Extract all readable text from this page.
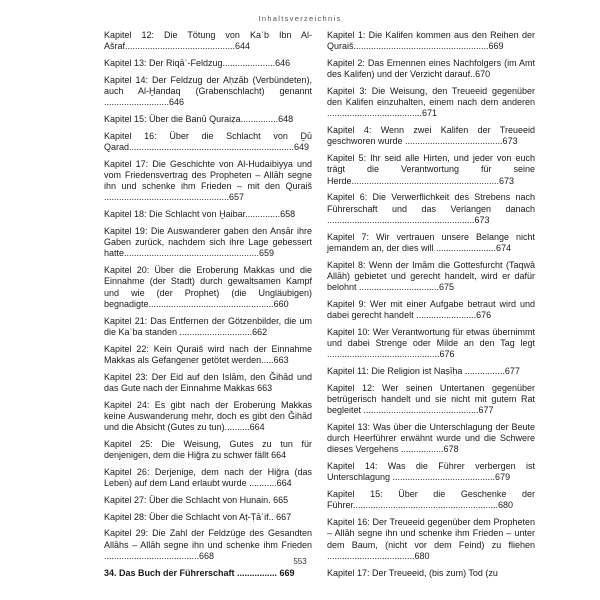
Inhaltsverzeichnis

Kapitel 12: Die Tötung von Kaʿb Ibn Al-Ašraf............................................644

Kapitel 13: Der Riqāʿ-Feldzug.....................646

Kapitel 14: Der Feldzug der Aḥzāb (Verbündeten), auch Al-Ḫandaq (Grabenschlacht) genannt ..........................646

Kapitel 15: Über die Banū Quraiẓa...............648

Kapitel 16: Über die Schlacht von Ḏū Qarad..................................................................649

Kapitel 17: Die Geschichte von Al-Hudaibiyya und vom Friedensvertrag des Propheten – Allāh segne ihn und schenke ihm Frieden – mit den Quraiš ..................................................657

Kapitel 18: Die Schlacht von Ḫaibar..............658

Kapitel 19: Die Auswanderer gaben den Anṣār ihre Gaben zurück, nachdem sich ihre Lage gebessert hatte......................................................659

Kapitel 20: Über die Eroberung Makkas und die Einnahme (der Stadt) durch gewaltsamen Kampf und wie (der Prophet) (die Ungläubigen) begnadigte..................................................660

Kapitel 21: Das Entfernen der Götzenbilder, die um die Kaʿba standen .............................662

Kapitel 22: Kein Quraiš wird nach der Einnahme Makkas als Gefangener getötet werden.....663

Kapitel 23: Der Eid auf den Islām, den Ǧihād und das Gute nach der Einnahme Makkas 663

Kapitel 24: Es gibt nach der Eroberung Makkas keine Auswanderung mehr, doch es gibt den Ǧihād und die Absicht (Gutes zu tun)..........664

Kapitel 25: Die Weisung, Gutes zu tun für denjenigen, dem die Hiǧra zu schwer fällt 664

Kapitel 26: Derjenige, dem nach der Hiǧra (das Leben) auf dem Land erlaubt wurde ...........664

Kapitel 27: Über die Schlacht von Hunain. 665

Kapitel 28: Über die Schlacht von Aṭ-Ṭāʾif.. 667

Kapitel 29: Die Zahl der Feldzüge des Gesandten Allāhs – Allāh segne ihn und schenke ihm Frieden ......................................668

34. Das Buch der Führerschaft ................ 669

Kapitel 1: Die Kalifen kommen aus den Reihen der Quraiš......................................................669

Kapitel 2: Das Ernennen eines Nachfolgers (im Amt des Kalifen) und der Verzicht darauf..670

Kapitel 3: Die Weisung, den Treueeid gegenüber den Kalifen einzuhalten, einem nach dem anderen ......................................671

Kapitel 4: Wenn zwei Kalifen der Treueeid geschworen wurde .......................................673

Kapitel 5: Ihr seid alle Hirten, und jeder von euch trägt die Verantwortung für seine Herde...........................................................673

Kapitel 6: Die Verwerflichkeit des Strebens nach Führerschaft und das Verlangen danach ...........................................................673

Kapitel 7: Wir vertrauen unsere Belange nicht jemandem an, der dies will ........................674

Kapitel 8: Wenn der Imām die Gottesfurcht (Taqwā Allāh) gebietet und gerecht handelt, wird er dafür belohnt ................................675

Kapitel 9: Wer mit einer Aufgabe betraut wird und dabei gerecht handelt ........................676

Kapitel 10: Wer Verantwortung für etwas übernimmt und dabei Strenge oder Milde an den Tag legt .............................................676

Kapitel 11: Die Religion ist Naṣīḥa ................677

Kapitel 12: Wer seinen Untertanen gegenüber betrügerisch handelt und sie nicht mit gutem Rat begleitet ..............................................677

Kapitel 13: Was über die Unterschlagung der Beute durch Heerführer erwähnt wurde und die Schwere dieses Vergehens .................678

Kapitel 14: Was die Führer verbergen ist Unterschlagung .........................................679

Kapitel 15: Über die Geschenke der Führer..........................................................680

Kapitel 16: Der Treueeid gegenüber dem Propheten – Allāh segne ihn und schenke ihm Frieden – unter dem Baum, (nicht vor dem Feind) zu fliehen ...................................680

Kapitel 17: Der Treueeid, (bis zum) Tod (zu

553
